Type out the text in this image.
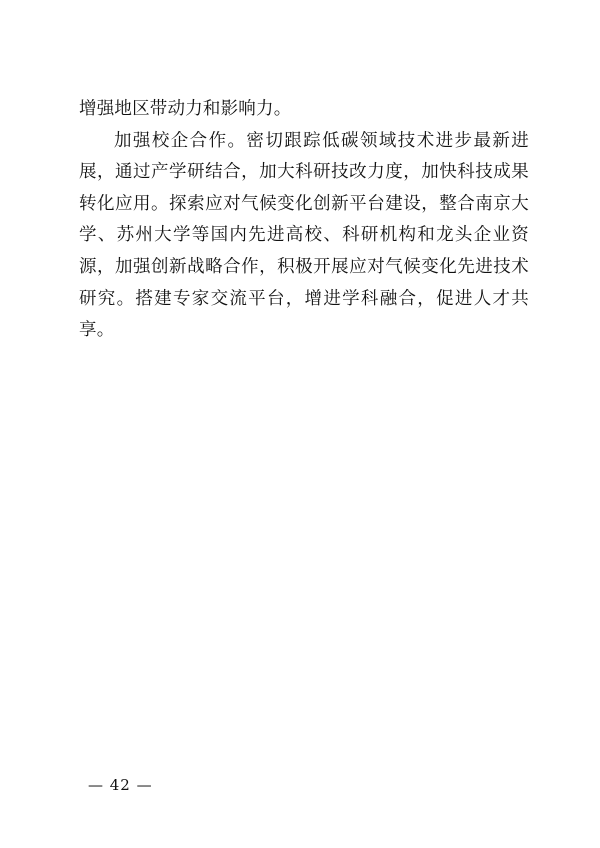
增强地区带动力和影响力。

加强校企合作。密切跟踪低碳领域技术进步最新进展，通过产学研结合，加大科研技改力度，加快科技成果转化应用。探索应对气候变化创新平台建设，整合南京大学、苏州大学等国内先进高校、科研机构和龙头企业资源，加强创新战略合作，积极开展应对气候变化先进技术研究。搭建专家交流平台，增进学科融合，促进人才共享。

— 42 —
